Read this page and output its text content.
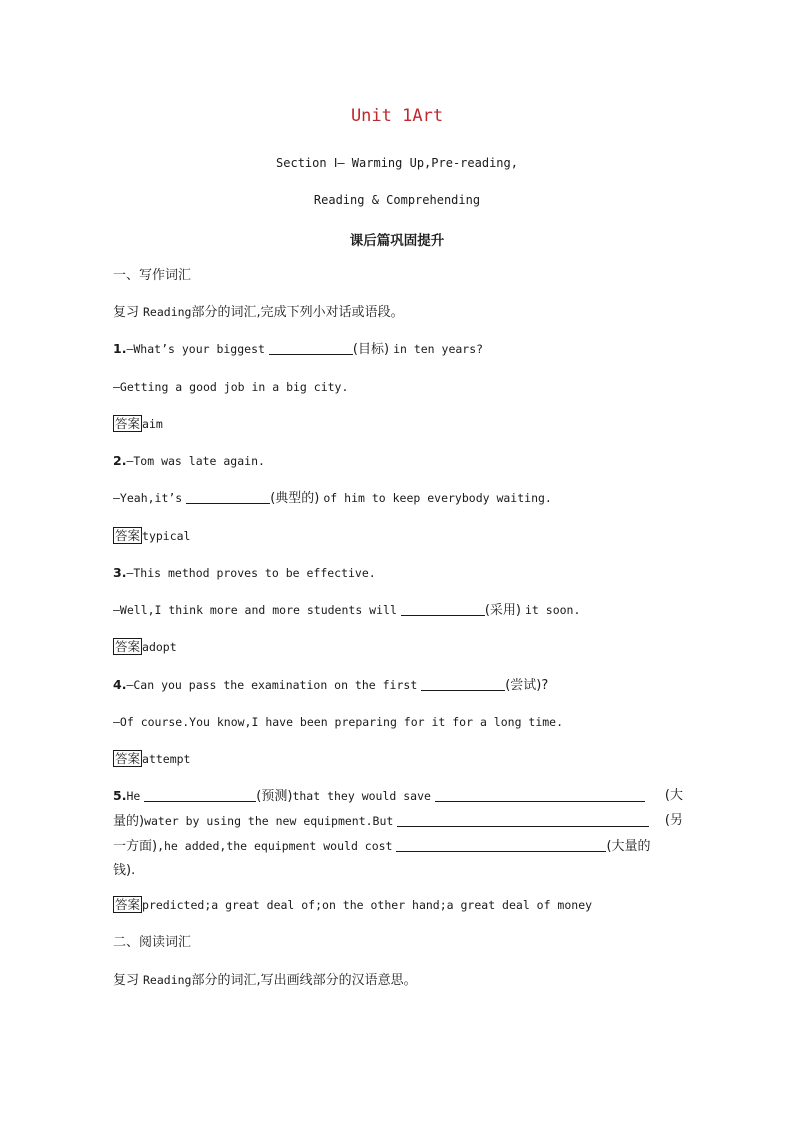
Unit 1Art
Section Ⅰ— Warming Up,Pre-reading,
Reading & Comprehending
课后篇巩固提升
一、写作词汇
复习 Reading部分的词汇,完成下列小对话或语段。
1.—What’s your biggest	(目标) in ten years?
—Getting a good job in a big city.
答案 aim
2.—Tom was late again.
—Yeah,it’s	(典型的) of him to keep everybody waiting.
答案 typical
3.—This method proves to be effective.
—Well,I think more and more students will	(采用) it soon.
答案 adopt
4.—Can you pass the examination on the first	(尝试)?
—Of course.You know,I have been preparing for it for a long time.
答案 attempt
5.He	(预测)that they would save	(大
量的)water by using the new equipment.But	(另
一方面),he added,the equipment would cost	(大量的
钱).
答案 predicted;a great deal of;on the other hand;a great deal of money
二、阅读词汇
复习 Reading部分的词汇,写出画线部分的汉语意思。
